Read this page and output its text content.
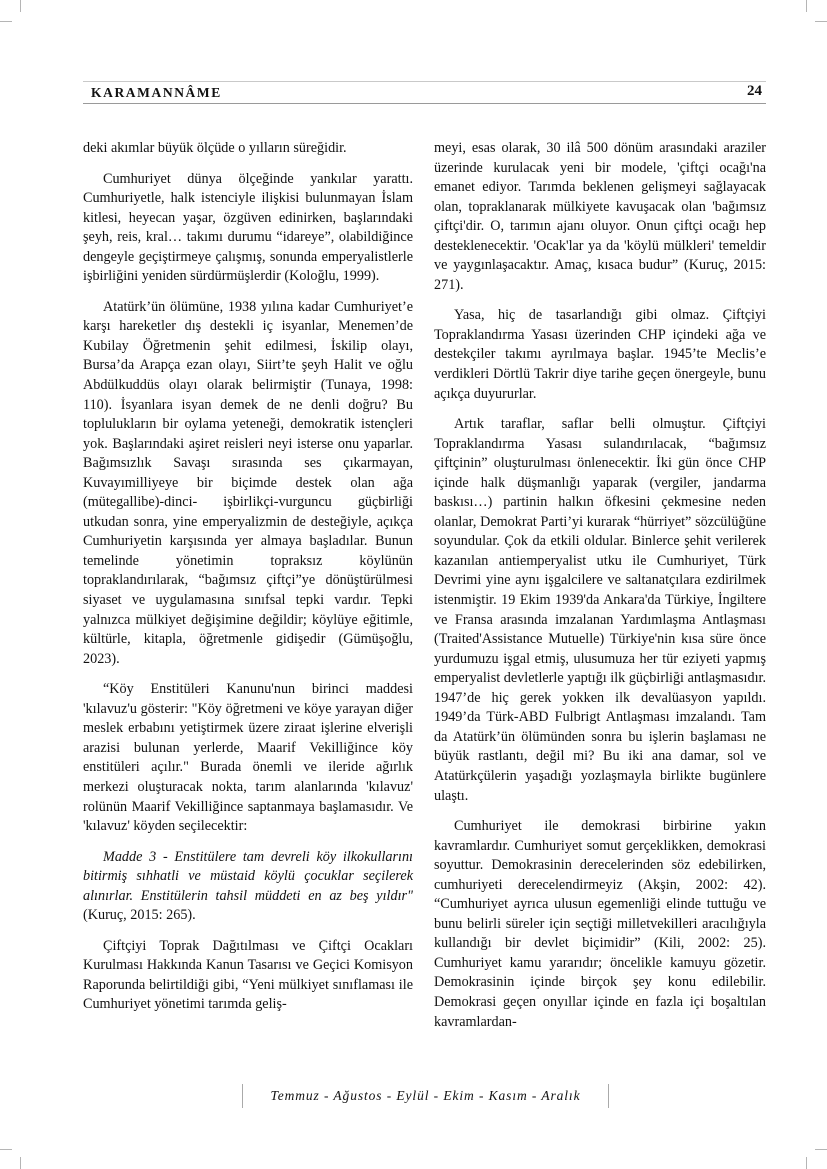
KARAMANNÂME	24

deki akımlar büyük ölçüde o yılların süreğidir.

Cumhuriyet dünya ölçeğinde yankılar yarattı. Cumhuriyetle, halk istenciyle ilişkisi bulunmayan İslam kitlesi, heyecan yaşar, özgüven edinirken, başlarındaki şeyh, reis, kral… takımı durumu “idareye”, olabildiğince dengeyle geçiştirmeye çalışmış, sonunda emperyalistlerle işbirliğini yeniden sürdürmüşlerdir (Koloğlu, 1999).

Atatürk’ün ölümüne, 1938 yılına kadar Cumhuriyet’e karşı hareketler dış destekli iç isyanlar, Menemen’de Kubilay Öğretmenin şehit edilmesi, İskilip olayı, Bursa’da Arapça ezan olayı, Siirt’te şeyh Halit ve oğlu Abdülkuddüs olayı olarak belirmiştir (Tunaya, 1998: 110). İsyanlara isyan demek de ne denli doğru? Bu toplulukların bir oylama yeteneği, demokratik istençleri yok. Başlarındaki aşiret reisleri neyi isterse onu yaparlar. Bağımsızlık Savaşı sırasında ses çıkarmayan, Kuvayımilliyeye bir biçimde destek olan ağa (mütegallibe)-dinci- işbirlikçi-vurguncu güçbirliği utkudan sonra, yine emperyalizmin de desteğiyle, açıkça Cumhuriyetin karşısında yer almaya başladılar. Bunun temelinde yönetimin topraksız köylünün topraklandırılarak, “bağımsız çiftçi”ye dönüştürülmesi siyaset ve uygulamasına sınıfsal tepki vardır. Tepki yalnızca mülkiyet değişimine değildir; köylüye eğitimle, kültürle, kitapla, öğretmenle gidişedir (Gümüşoğlu, 2023).

“Köy Enstitüleri Kanunu'nun birinci maddesi 'kılavuz'u gösterir: "Köy öğretmeni ve köye yarayan diğer meslek erbabını yetiştirmek üzere ziraat işlerine elverişli arazisi bulunan yerlerde, Maarif Vekilliğince köy enstitüleri açılır." Burada önemli ve ileride ağırlık merkezi oluşturacak nokta, tarım alanlarında 'kılavuz' rolünün Maarif Vekilliğince saptanmaya başlamasıdır. Ve 'kılavuz' köyden seçilecektir:

Madde 3 - Enstitülere tam devreli köy ilkokullarını bitirmiş sıhhatli ve müstaid köylü çocuklar seçilerek alınırlar. Enstitülerin tahsil müddeti en az beş yıldır" (Kuruç, 2015: 265).

Çiftçiyi Toprak Dağıtılması ve Çiftçi Ocakları Kurulması Hakkında Kanun Tasarısı ve Geçici Komisyon Raporunda belirtildiği gibi, “Yeni mülkiyet sınıflaması ile Cumhuriyet yönetimi tarımda geliş-

meyi, esas olarak, 30 ilâ 500 dönüm arasındaki araziler üzerinde kurulacak yeni bir modele, 'çiftçi ocağı'na emanet ediyor. Tarımda beklenen gelişmeyi sağlayacak olan, topraklanarak mülkiyete kavuşacak olan 'bağımsız çiftçi'dir. O, tarımın ajanı oluyor. Onun çiftçi ocağı hep desteklenecektir. 'Ocak'lar ya da 'köylü mülkleri' temeldir ve yaygınlaşacaktır. Amaç, kısaca budur” (Kuruç, 2015: 271).

Yasa, hiç de tasarlandığı gibi olmaz. Çiftçiyi Topraklandırma Yasası üzerinden CHP içindeki ağa ve destekçiler takımı ayrılmaya başlar. 1945’te Meclis’e verdikleri Dörtlü Takrir diye tarihe geçen önergeyle, bunu açıkça duyururlar.

Artık taraflar, saflar belli olmuştur. Çiftçiyi Topraklandırma Yasası sulandırılacak, “bağımsız çiftçinin” oluşturulması önlenecektir. İki gün önce CHP içinde halk düşmanlığı yaparak (vergiler, jandarma baskısı…) partinin halkın öfkesini çekmesine neden olanlar, Demokrat Parti’yi kurarak “hürriyet” sözcülüğüne soyundular. Çok da etkili oldular. Binlerce şehit verilerek kazanılan antiemperyalist utku ile Cumhuriyet, Türk Devrimi yine aynı işgalcilere ve saltanatçılara ezdirilmek istenmiştir. 19 Ekim 1939'da Ankara'da Türkiye, İngiltere ve Fransa arasında imzalanan Yardımlaşma Antlaşması (Traited'Assistance Mutuelle) Türkiye'nin kısa süre önce yurdumuzu işgal etmiş, ulusumuza her tür eziyeti yapmış emperyalist devletlerle yaptığı ilk güçbirliği antlaşmasıdır. 1947’de hiç gerek yokken ilk devalüasyon yapıldı. 1949’da Türk-ABD Fulbrigt Antlaşması imzalandı. Tam da Atatürk’ün ölümünden sonra bu işlerin başlaması ne büyük rastlantı, değil mi? Bu iki ana damar, sol ve Atatürkçülerin yaşadığı yozlaşmayla birlikte bugünlere ulaştı.

Cumhuriyet ile demokrasi birbirine yakın kavramlardır. Cumhuriyet somut gerçeklikken, demokrasi soyuttur. Demokrasinin derecelerinden söz edebilirken, cumhuriyeti derecelendirmeyiz (Akşin, 2002: 42). “Cumhuriyet ayrıca ulusun egemenliği elinde tuttuğu ve bunu belirli süreler için seçtiği milletvekilleri aracılığıyla kullandığı bir devlet biçimidir” (Kili, 2002: 25). Cumhuriyet kamu yararıdır; öncelikle kamuyu gözetir. Demokrasinin içinde birçok şey konu edilebilir. Demokrasi geçen onyıllar içinde en fazla içi boşaltılan kavramlardan-

Temmuz - Ağustos - Eylül - Ekim - Kasım - Aralık
